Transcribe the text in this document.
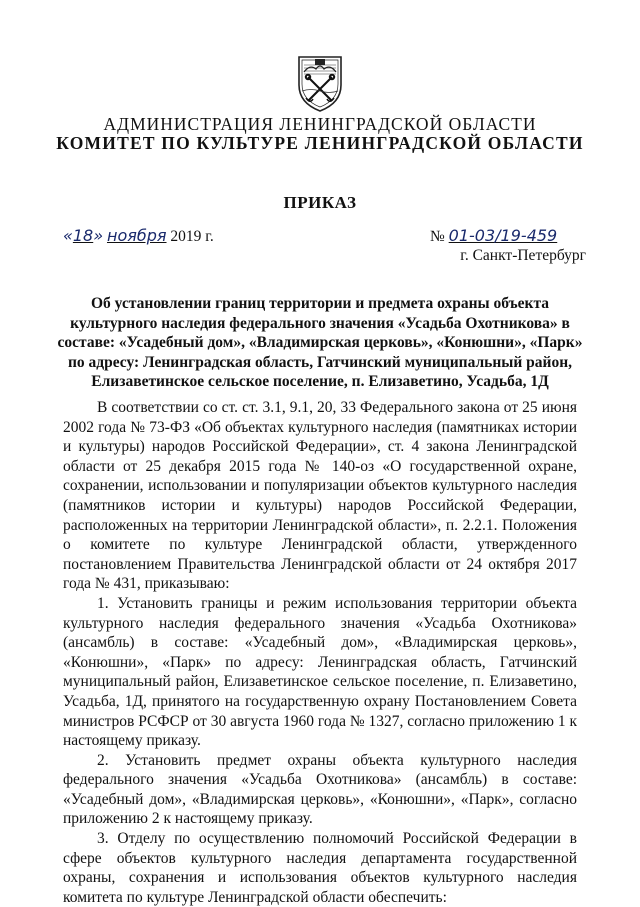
АДМИНИСТРАЦИЯ ЛЕНИНГРАДСКОЙ ОБЛАСТИ
КОМИТЕТ ПО КУЛЬТУРЕ ЛЕНИНГРАДСКОЙ ОБЛАСТИ
ПРИКАЗ
«18» ноября 2019 г.	№ 01-03/19-459
г. Санкт-Петербург
Об установлении границ территории и предмета охраны объекта культурного наследия федерального значения «Усадьба Охотникова» в составе: «Усадебный дом», «Владимирская церковь», «Конюшни», «Парк» по адресу: Ленинградская область, Гатчинский муниципальный район, Елизаветинское сельское поселение, п. Елизаветино, Усадьба, 1Д

В соответствии со ст. ст. 3.1, 9.1, 20, 33 Федерального закона от 25 июня 2002 года № 73-ФЗ «Об объектах культурного наследия (памятниках истории и культуры) народов Российской Федерации», ст. 4 закона Ленинградской области от 25 декабря 2015 года № 140-оз «О государственной охране, сохранении, использовании и популяризации объектов культурного наследия (памятников истории и культуры) народов Российской Федерации, расположенных на территории Ленинградской области», п. 2.2.1. Положения о комитете по культуре Ленинградской области, утвержденного постановлением Правительства Ленинградской области от 24 октября 2017 года № 431, приказываю:

1. Установить границы и режим использования территории объекта культурного наследия федерального значения «Усадьба Охотникова» (ансамбль) в составе: «Усадебный дом», «Владимирская церковь», «Конюшни», «Парк» по адресу: Ленинградская область, Гатчинский муниципальный район, Елизаветинское сельское поселение, п. Елизаветино, Усадьба, 1Д, принятого на государственную охрану Постановлением Совета министров РСФСР от 30 августа 1960 года № 1327, согласно приложению 1 к настоящему приказу.

2. Установить предмет охраны объекта культурного наследия федерального значения «Усадьба Охотникова» (ансамбль) в составе: «Усадебный дом», «Владимирская церковь», «Конюшни», «Парк», согласно приложению 2 к настоящему приказу.

3. Отделу по осуществлению полномочий Российской Федерации в сфере объектов культурного наследия департамента государственной охраны, сохранения и использования объектов культурного наследия комитета по культуре Ленинградской области обеспечить:
